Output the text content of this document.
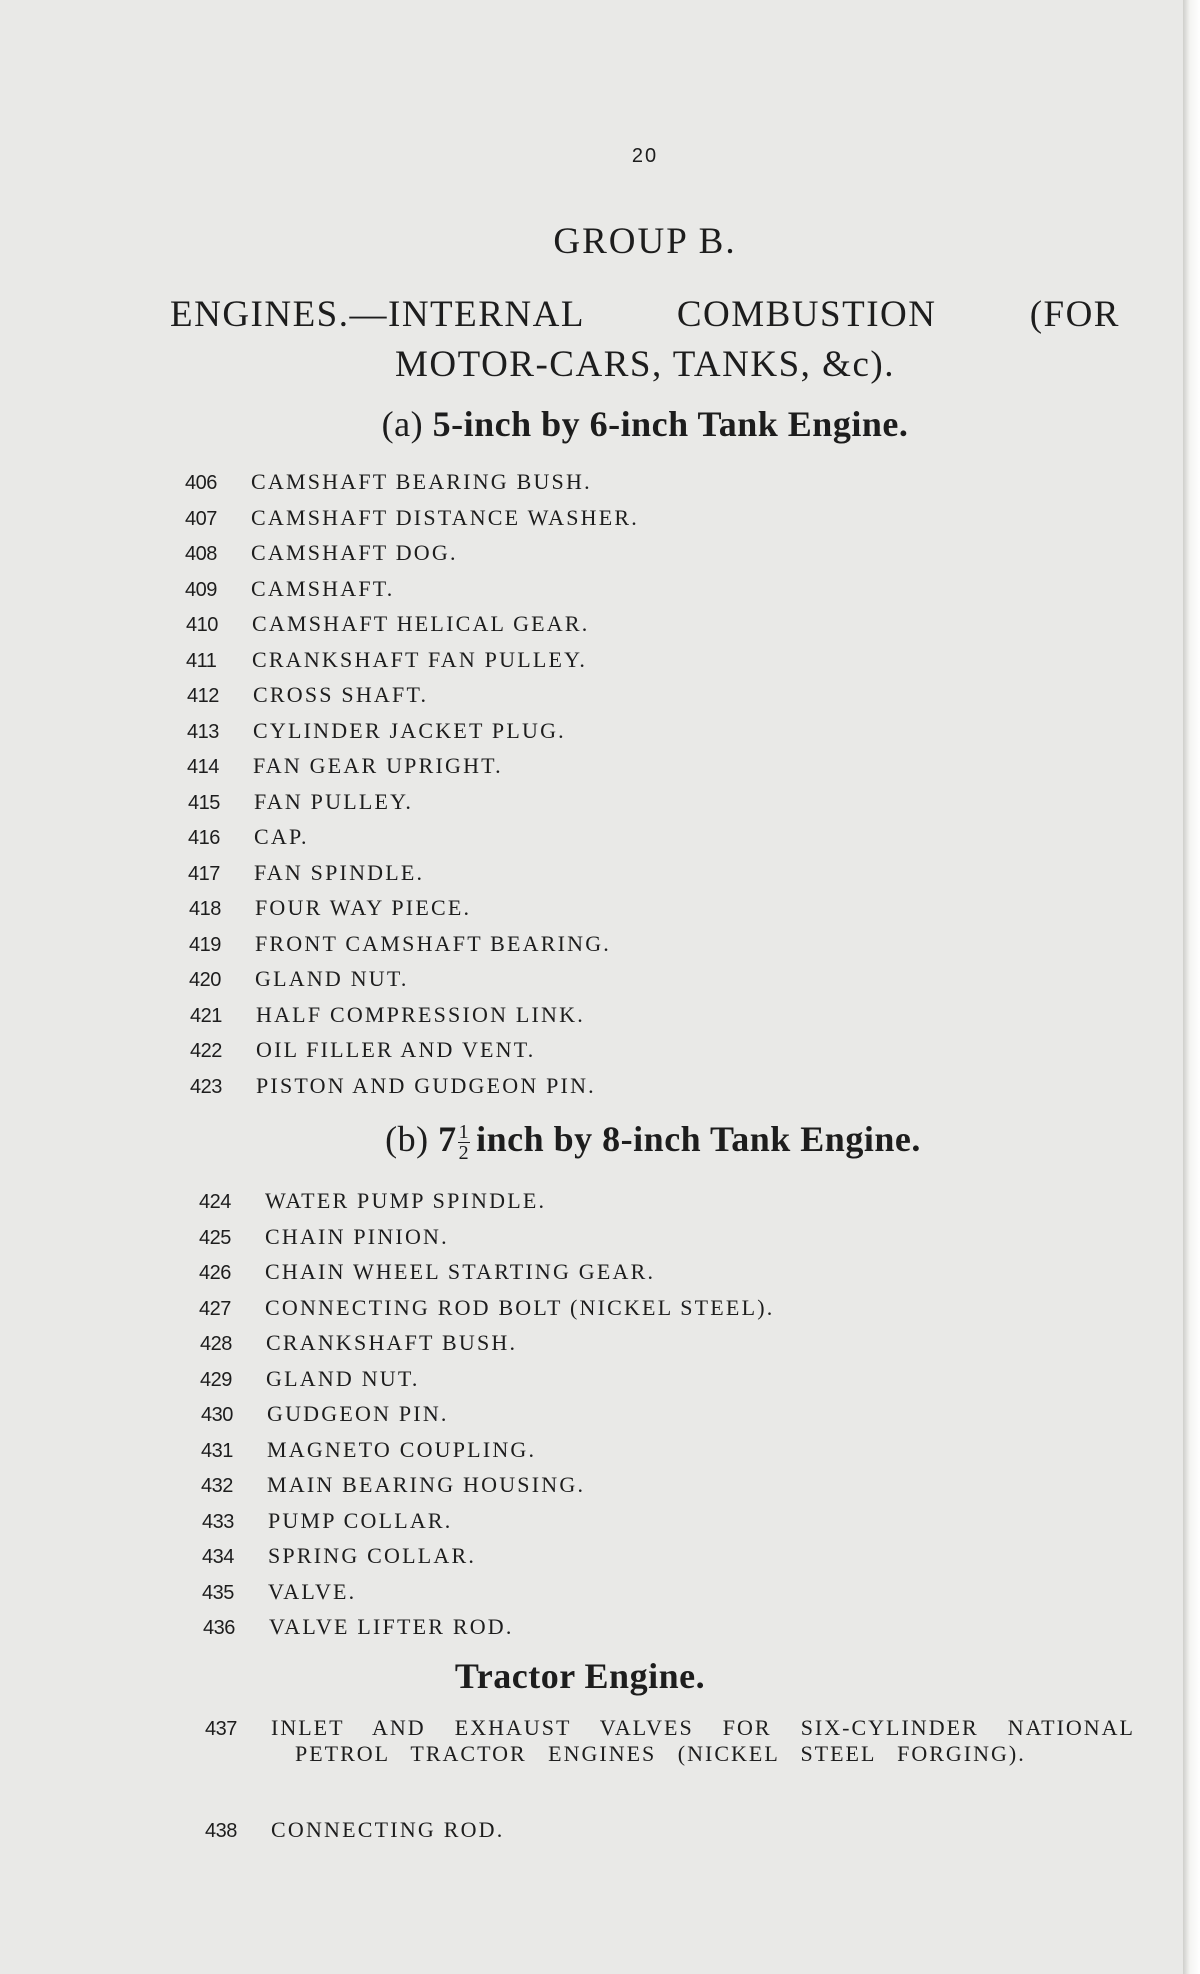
20
GROUP B.
ENGINES.—INTERNAL COMBUSTION (FOR
MOTOR-CARS, TANKS, &c).
(a) 5-inch by 6-inch Tank Engine.
406 CAMSHAFT BEARING BUSH.
407 CAMSHAFT DISTANCE WASHER.
408 CAMSHAFT DOG.
409 CAMSHAFT.
410 CAMSHAFT HELICAL GEAR.
411 CRANKSHAFT FAN PULLEY.
412 CROSS SHAFT.
413 CYLINDER JACKET PLUG.
414 FAN GEAR UPRIGHT.
415 FAN PULLEY.
416 CAP.
417 FAN SPINDLE.
418 FOUR WAY PIECE.
419 FRONT CAMSHAFT BEARING.
420 GLAND NUT.
421 HALF COMPRESSION LINK.
422 OIL FILLER AND VENT.
423 PISTON AND GUDGEON PIN.
(b) $7 \frac{1}{2}$ inch by 8-inch Tank Engine.
424 WATER PUMP SPINDLE.
425 CHAIN PINION.
426 CHAIN WHEEL STARTING GEAR.
427 CONNECTING ROD BOLT (NICKEL STEEL).
428 CRANKSHAFT BUSH.
429 GLAND NUT.
430 GUDGEON PIN.
431 MAGNETO COUPLING.
432 MAIN BEARING HOUSING.
433 PUMP COLLAR.
434 SPRING COLLAR.
435 VALVE.
436 VALVE LIFTER ROD.
Tractor Engine.
437	INLET AND EXHAUST VALVES FOR SIX-CYLINDER NATIONAL PETROL TRACTOR ENGINES (NICKEL STEEL FORGING).
438 CONNECTING ROD.
